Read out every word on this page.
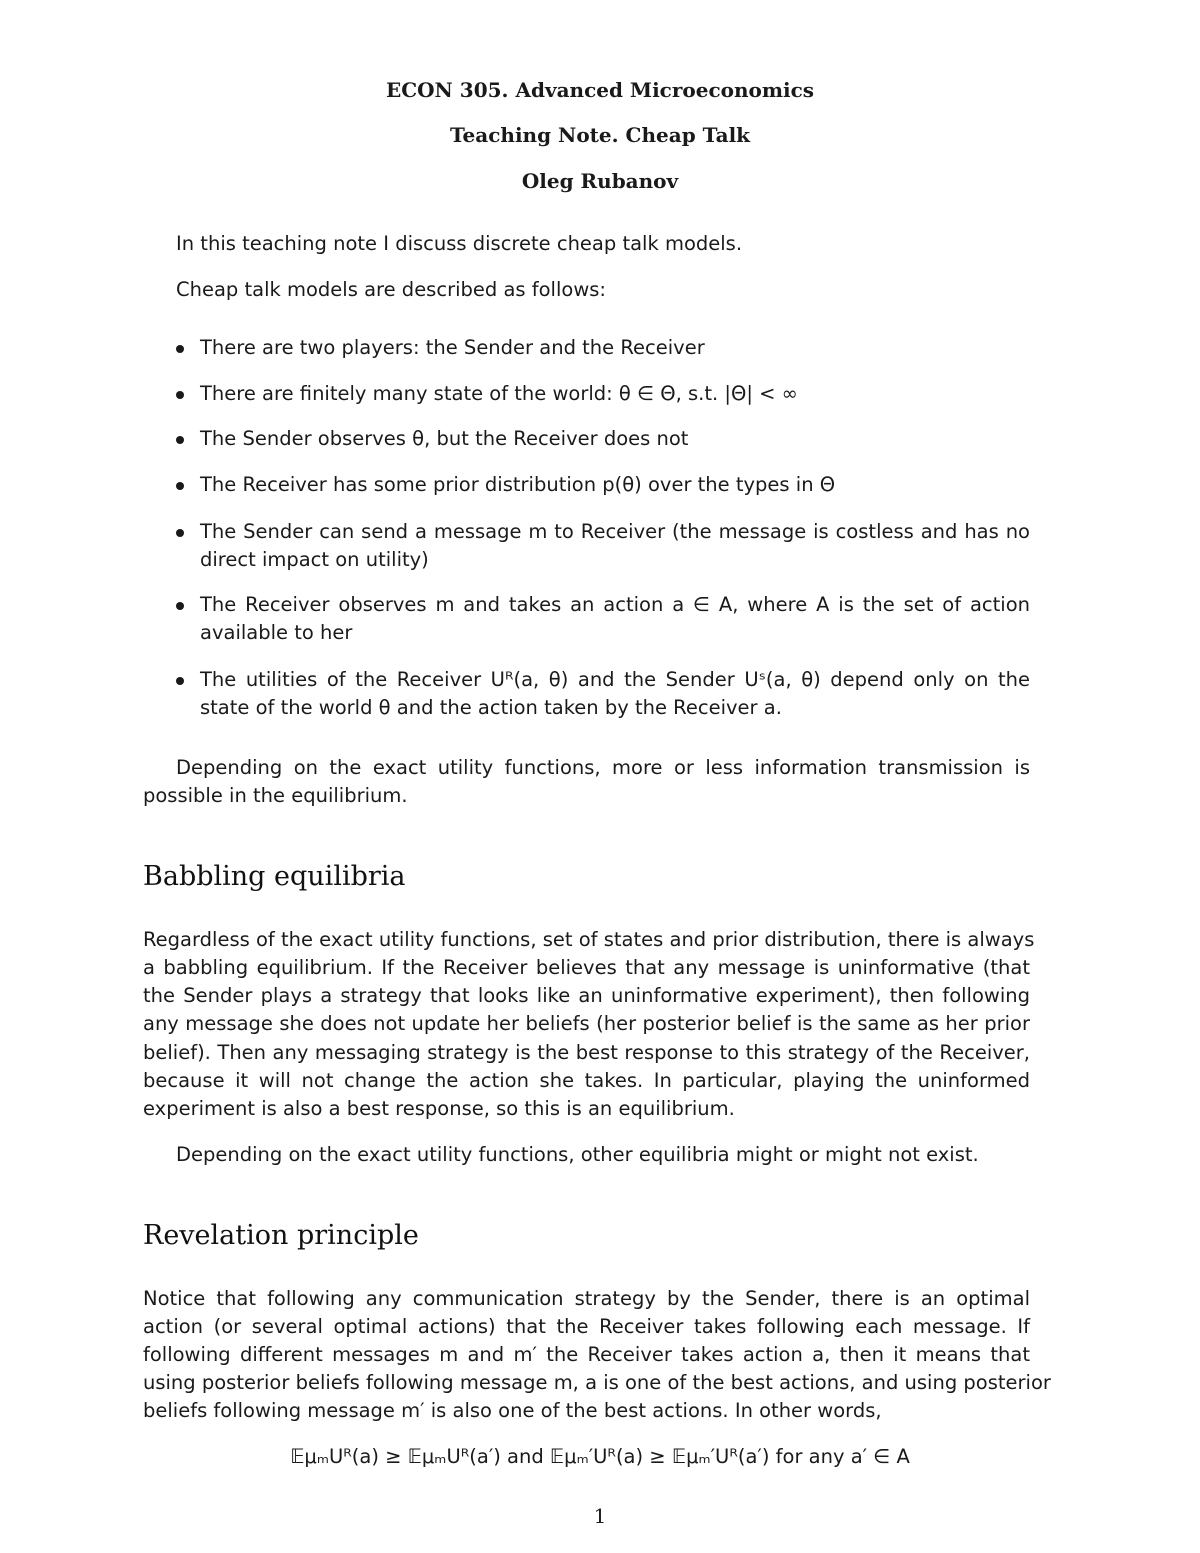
ECON 305. Advanced Microeconomics
Teaching Note. Cheap Talk
Oleg Rubanov
In this teaching note I discuss discrete cheap talk models.
Cheap talk models are described as follows:
There are two players: the Sender and the Receiver
There are finitely many state of the world: θ ∈ Θ, s.t. |Θ| < ∞
The Sender observes θ, but the Receiver does not
The Receiver has some prior distribution p(θ) over the types in Θ
The Sender can send a message m to Receiver (the message is costless and has no
direct impact on utility)
The Receiver observes m and takes an action a ∈ A, where A is the set of action
available to her
The utilities of the Receiver Uᴿ(a, θ) and the Sender Uˢ(a, θ) depend only on the
state of the world θ and the action taken by the Receiver a.
Depending on the exact utility functions, more or less information transmission is
possible in the equilibrium.
Babbling equilibria
Regardless of the exact utility functions, set of states and prior distribution, there is always
a babbling equilibrium. If the Receiver believes that any message is uninformative (that
the Sender plays a strategy that looks like an uninformative experiment), then following
any message she does not update her beliefs (her posterior belief is the same as her prior
belief). Then any messaging strategy is the best response to this strategy of the Receiver,
because it will not change the action she takes. In particular, playing the uninformed
experiment is also a best response, so this is an equilibrium.
Depending on the exact utility functions, other equilibria might or might not exist.
Revelation principle
Notice that following any communication strategy by the Sender, there is an optimal
action (or several optimal actions) that the Receiver takes following each message. If
following different messages m and m′ the Receiver takes action a, then it means that
using posterior beliefs following message m, a is one of the best actions, and using posterior
beliefs following message m′ is also one of the best actions. In other words,
𝔼μₘUᴿ(a) ≥ 𝔼μₘUᴿ(a′) and 𝔼μₘ′Uᴿ(a) ≥ 𝔼μₘ′Uᴿ(a′) for any a′ ∈ A
1
